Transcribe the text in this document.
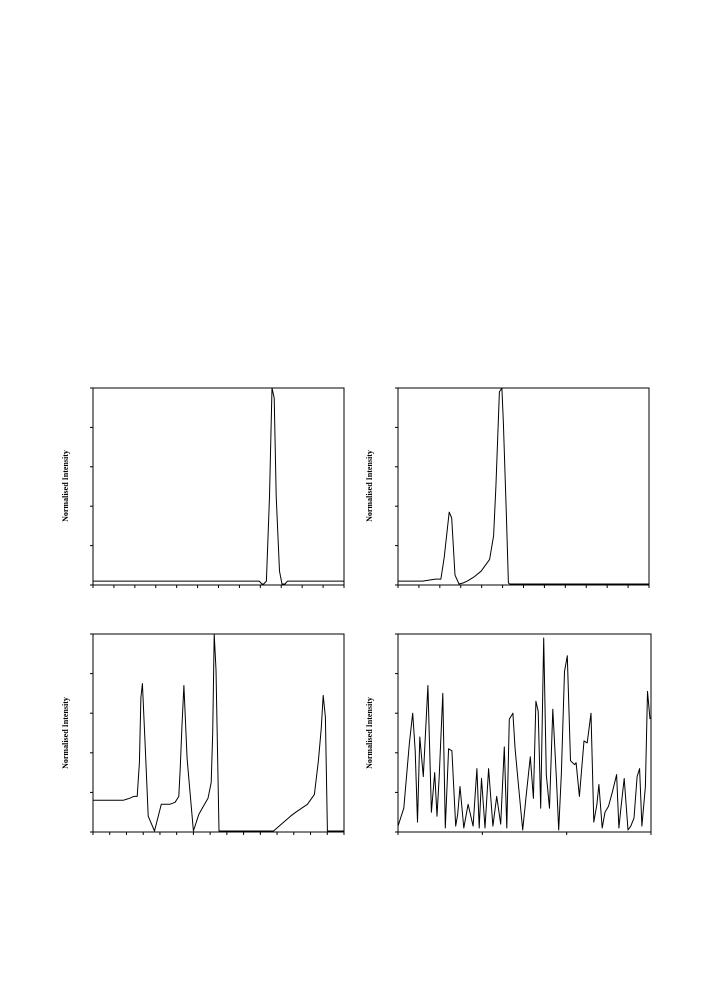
Normalised Intensity	Normalised Intensity
Normalised Intensity	Normalised Intensity
